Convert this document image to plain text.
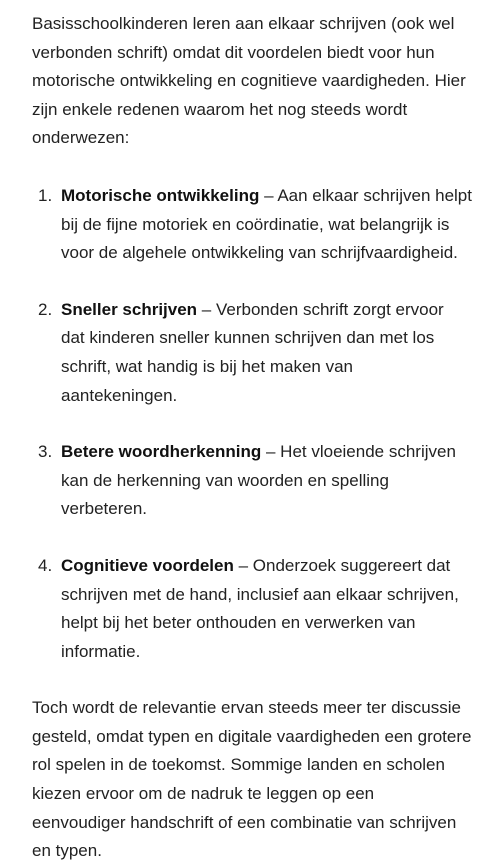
Basisschoolkinderen leren aan elkaar schrijven (ook wel verbonden schrift) omdat dit voordelen biedt voor hun motorische ontwikkeling en cognitieve vaardigheden. Hier zijn enkele redenen waarom het nog steeds wordt onderwezen:

1. Motorische ontwikkeling – Aan elkaar schrijven helpt bij de fijne motoriek en coördinatie, wat belangrijk is voor de algehele ontwikkeling van schrijfvaardigheid.
2. Sneller schrijven – Verbonden schrift zorgt ervoor dat kinderen sneller kunnen schrijven dan met los schrift, wat handig is bij het maken van aantekeningen.
3. Betere woordherkenning – Het vloeiende schrijven kan de herkenning van woorden en spelling verbeteren.
4. Cognitieve voordelen – Onderzoek suggereert dat schrijven met de hand, inclusief aan elkaar schrijven, helpt bij het beter onthouden en verwerken van informatie.

Toch wordt de relevantie ervan steeds meer ter discussie gesteld, omdat typen en digitale vaardigheden een grotere rol spelen in de toekomst. Sommige landen en scholen kiezen ervoor om de nadruk te leggen op een eenvoudiger handschrift of een combinatie van schrijven en typen.
